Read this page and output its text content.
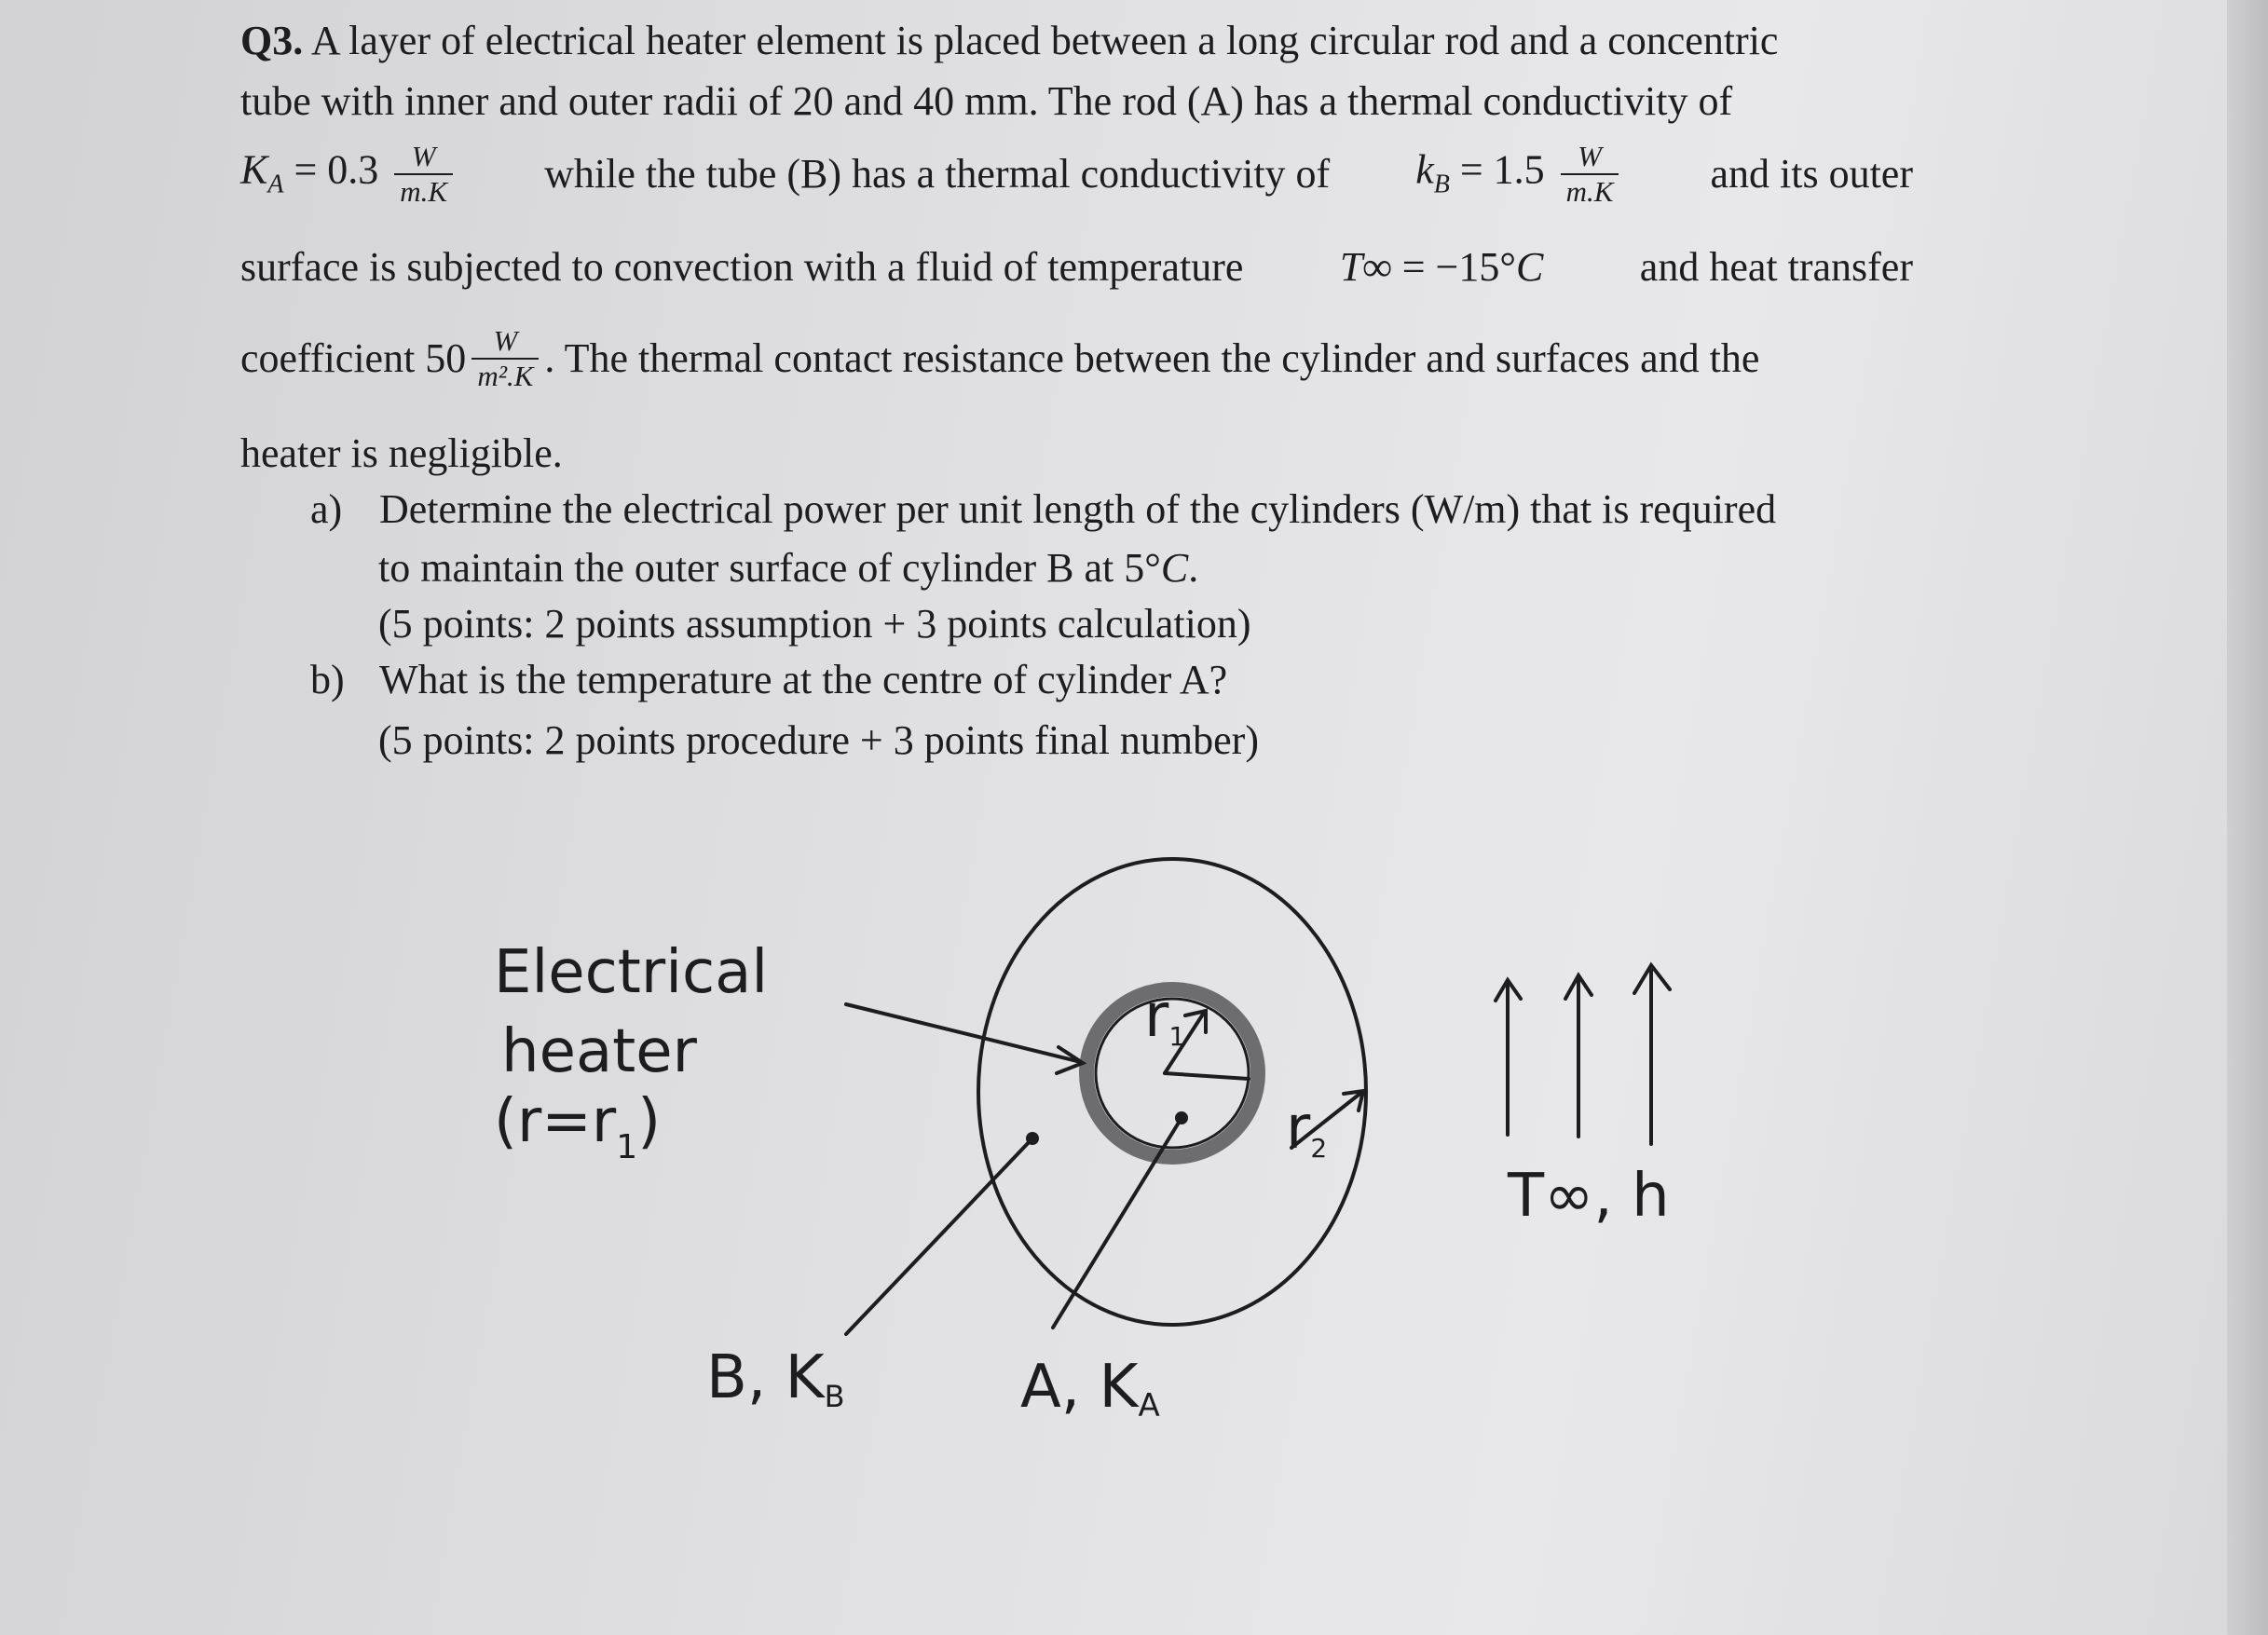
Q3. A layer of electrical heater element is placed between a long circular rod and a concentric
tube with inner and outer radii of 20 and 40 mm. The rod (A) has a thermal conductivity of
$K_A = 0.3 \frac{W}{m.K}$ while the tube (B) has a thermal conductivity of $k_B = 1.5 \frac{W}{m.K}$ and its outer
surface is subjected to convection with a fluid of temperature T∞ = −15°C and heat transfer
coefficient $50 \frac{W}{\text{m².K}}$ . The thermal contact resistance between the cylinder and surfaces and the
heater is negligible.
a) Determine the electrical power per unit length of the cylinders (W/m) that is required
to maintain the outer surface of cylinder B at 5°C.
(5 points: 2 points assumption + 3 points calculation)
b) What is the temperature at the centre of cylinder A?
(5 points: 2 points procedure + 3 points final number)
Electrical
heater
$(r=r_1)$
r1
r2
T∞, h
B, KB	A, KA
